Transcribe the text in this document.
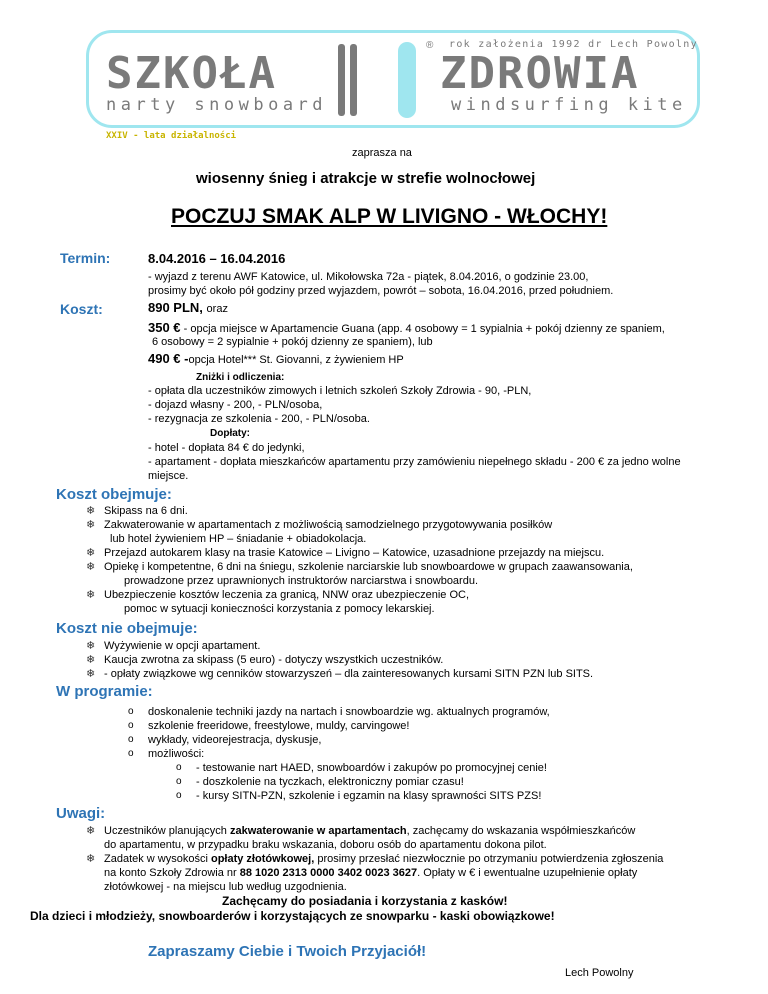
SZKOŁA	ZDROWIA
narty snowboard	windsurfing kite
rok założenia 1992 dr Lech Powolny
®
XXIV - lata działalności
zaprasza na
wiosenny śnieg i atrakcje w strefie wolnocłowej
POCZUJ SMAK ALP W LIVIGNO - WŁOCHY!
Termin:	8.04.2016 – 16.04.2016
- wyjazd z terenu AWF Katowice, ul. Mikołowska 72a - piątek, 8.04.2016, o godzinie 23.00,
prosimy być około pół godziny przed wyjazdem, powrót – sobota, 16.04.2016, przed południem.
Koszt:	890 PLN, oraz
350 € - opcja miejsce w Apartamencie Guana (app. 4 osobowy = 1 sypialnia + pokój dzienny ze spaniem,
6 osobowy = 2 sypialnie + pokój dzienny ze spaniem), lub
490 € -opcja Hotel*** St. Giovanni, z żywieniem HP
Zniżki i odliczenia:
- opłata dla uczestników zimowych i letnich szkoleń Szkoły Zdrowia - 90, -PLN,
- dojazd własny - 200, - PLN/osoba,
- rezygnacja ze szkolenia - 200, - PLN/osoba.
Dopłaty:
- hotel - dopłata 84 € do jedynki,
- apartament - dopłata mieszkańców apartamentu przy zamówieniu niepełnego składu - 200 € za jedno wolne
miejsce.
Koszt obejmuje:
❄ Skipass na 6 dni.
❄ Zakwaterowanie w apartamentach z możliwością samodzielnego przygotowywania posiłków
lub hotel żywieniem HP – śniadanie + obiadokolacja.
❄ Przejazd autokarem klasy na trasie Katowice – Livigno – Katowice, uzasadnione przejazdy na miejscu.
❄ Opiekę i kompetentne, 6 dni na śniegu, szkolenie narciarskie lub snowboardowe w grupach zaawansowania,
prowadzone przez uprawnionych instruktorów narciarstwa i snowboardu.
❄ Ubezpieczenie kosztów leczenia za granicą, NNW oraz ubezpieczenie OC,
pomoc w sytuacji konieczności korzystania z pomocy lekarskiej.
Koszt nie obejmuje:
❄ Wyżywienie w opcji apartament.
❄ Kaucja zwrotna za skipass (5 euro) - dotyczy wszystkich uczestników.
❄ - opłaty związkowe wg cenników stowarzyszeń – dla zainteresowanych kursami SITN PZN lub SITS.
W programie:
o doskonalenie techniki jazdy na nartach i snowboardzie wg. aktualnych programów,
o szkolenie freeridowe, freestylowe, muldy, carvingowe!
o wykłady, videorejestracja, dyskusje,
o możliwości:
o - testowanie nart HAED, snowboardów i zakupów po promocyjnej cenie!
o - doszkolenie na tyczkach, elektroniczny pomiar czasu!
o - kursy SITN-PZN, szkolenie i egzamin na klasy sprawności SITS PZS!
Uwagi:
❄ Uczestników planujących zakwaterowanie w apartamentach, zachęcamy do wskazania współmieszkańców
do apartamentu, w przypadku braku wskazania, doboru osób do apartamentu dokona pilot.
❄ Zadatek w wysokości opłaty złotówkowej, prosimy przesłać niezwłocznie po otrzymaniu potwierdzenia zgłoszenia
na konto Szkoły Zdrowia nr 88 1020 2313 0000 3402 0023 3627. Opłaty w € i ewentualne uzupełnienie opłaty
złotówkowej - na miejscu lub według uzgodnienia.
Zachęcamy do posiadania i korzystania z kasków!
Dla dzieci i młodzieży, snowboarderów i korzystających ze snowparku - kaski obowiązkowe!
Zapraszamy Ciebie i Twoich Przyjaciół!
Lech Powolny
